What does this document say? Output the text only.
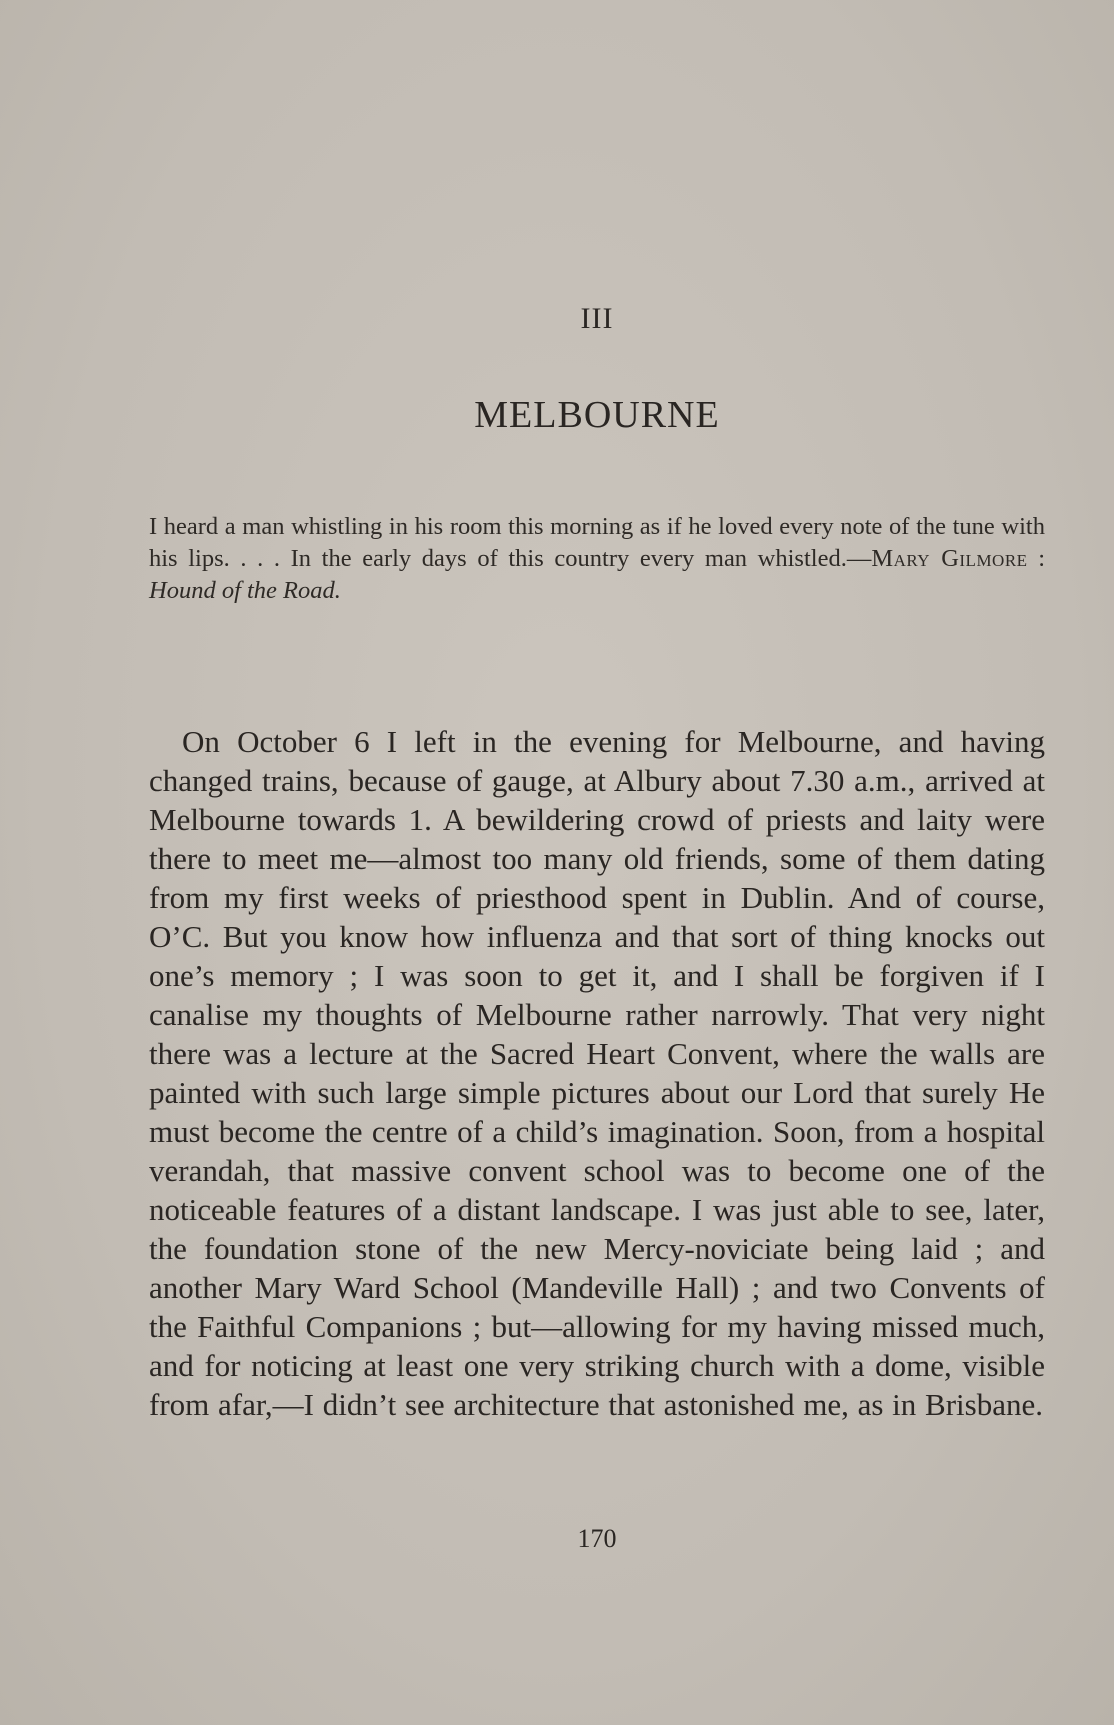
III
MELBOURNE
I heard a man whistling in his room this morning as if he loved every note of the tune with his lips. . . . In the early days of this country every man whistled.—Mary Gilmore : Hound of the Road.

On October 6 I left in the evening for Melbourne, and having changed trains, because of gauge, at Albury about 7.30 a.m., arrived at Melbourne towards 1. A bewildering crowd of priests and laity were there to meet me—almost too many old friends, some of them dating from my first weeks of priesthood spent in Dublin. And of course, O’C. But you know how influenza and that sort of thing knocks out one’s memory ; I was soon to get it, and I shall be forgiven if I canalise my thoughts of Melbourne rather narrowly. That very night there was a lecture at the Sacred Heart Convent, where the walls are painted with such large simple pictures about our Lord that surely He must become the centre of a child’s imagination. Soon, from a hospital verandah, that massive convent school was to become one of the noticeable features of a distant landscape. I was just able to see, later, the foundation stone of the new Mercy-noviciate being laid ; and another Mary Ward School (Mandeville Hall) ; and two Convents of the Faithful Companions ; but—allowing for my having missed much, and for noticing at least one very striking church with a dome, visible from afar,—I didn’t see architecture that astonished me, as in Brisbane.

170
